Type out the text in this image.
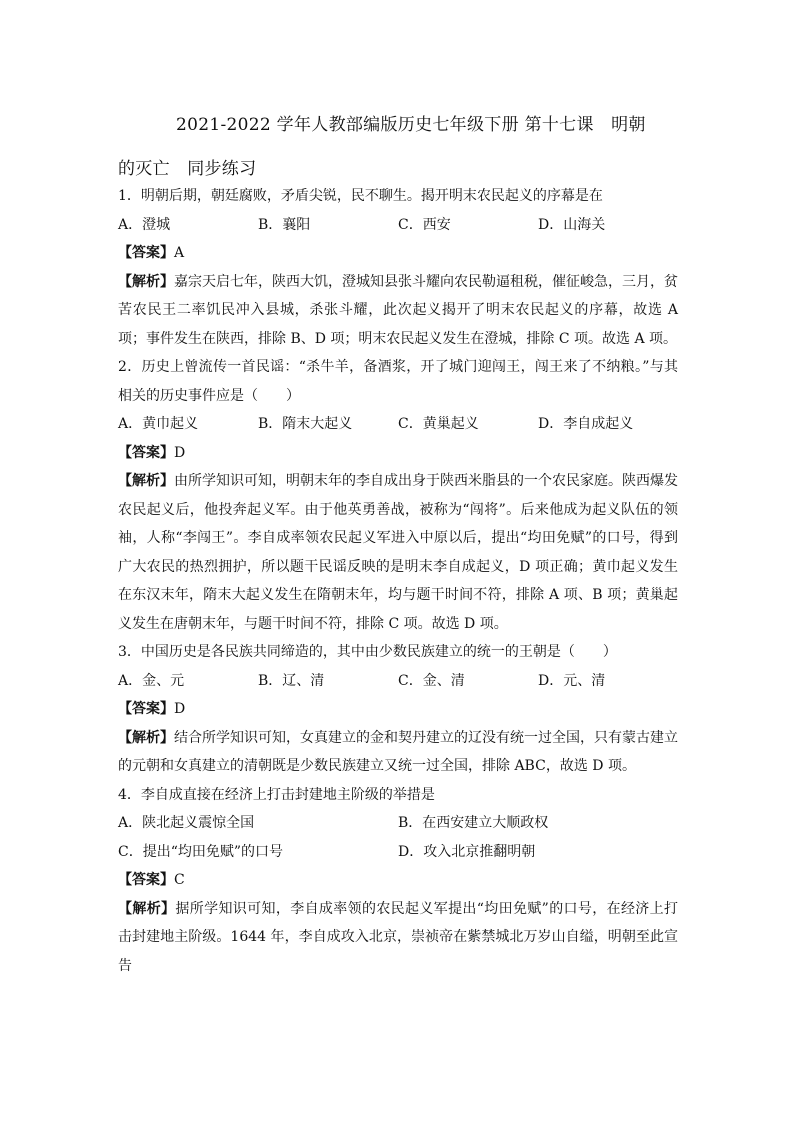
2021-2022 学年人教部编版历史七年级下册 第十七课　明朝
的灭亡　同步练习
1．明朝后期，朝廷腐败，矛盾尖锐，民不聊生。揭开明末农民起义的序幕是在
A．澄城	B．襄阳	C．西安	D．山海关
【答案】A
【解析】嘉宗天启七年，陕西大饥，澄城知县张斗耀向农民勒逼租税，催征峻急，三月，贫苦农民王二率饥民冲入县城，杀张斗耀，此次起义揭开了明末农民起义的序幕，故选 A 项；事件发生在陕西，排除 B、D 项；明末农民起义发生在澄城，排除 C 项。故选 A 项。
2．历史上曾流传一首民谣：“杀牛羊，备酒浆，开了城门迎闯王，闯王来了不纳粮。”与其相关的历史事件应是（　　）
A．黄巾起义	B．隋末大起义	C．黄巢起义	D．李自成起义
【答案】D
【解析】由所学知识可知，明朝末年的李自成出身于陕西米脂县的一个农民家庭。陕西爆发农民起义后，他投奔起义军。由于他英勇善战，被称为“闯将”。后来他成为起义队伍的领袖，人称“李闯王”。李自成率领农民起义军进入中原以后，提出“均田免赋”的口号，得到广大农民的热烈拥护，所以题干民谣反映的是明末李自成起义，D 项正确；黄巾起义发生在东汉末年，隋末大起义发生在隋朝末年，均与题干时间不符，排除 A 项、B 项；黄巢起义发生在唐朝末年，与题干时间不符，排除 C 项。故选 D 项。
3．中国历史是各民族共同缔造的，其中由少数民族建立的统一的王朝是（　　）
A．金、元	B．辽、清	C．金、清	D．元、清
【答案】D
【解析】结合所学知识可知，女真建立的金和契丹建立的辽没有统一过全国，只有蒙古建立的元朝和女真建立的清朝既是少数民族建立又统一过全国，排除 ABC，故选 D 项。
4．李自成直接在经济上打击封建地主阶级的举措是
A．陕北起义震惊全国	B．在西安建立大顺政权
C．提出“均田免赋”的口号	D．攻入北京推翻明朝
【答案】C
【解析】据所学知识可知，李自成率领的农民起义军提出“均田免赋”的口号，在经济上打击封建地主阶级。1644 年，李自成攻入北京，崇祯帝在紫禁城北万岁山自缢，明朝至此宣告
